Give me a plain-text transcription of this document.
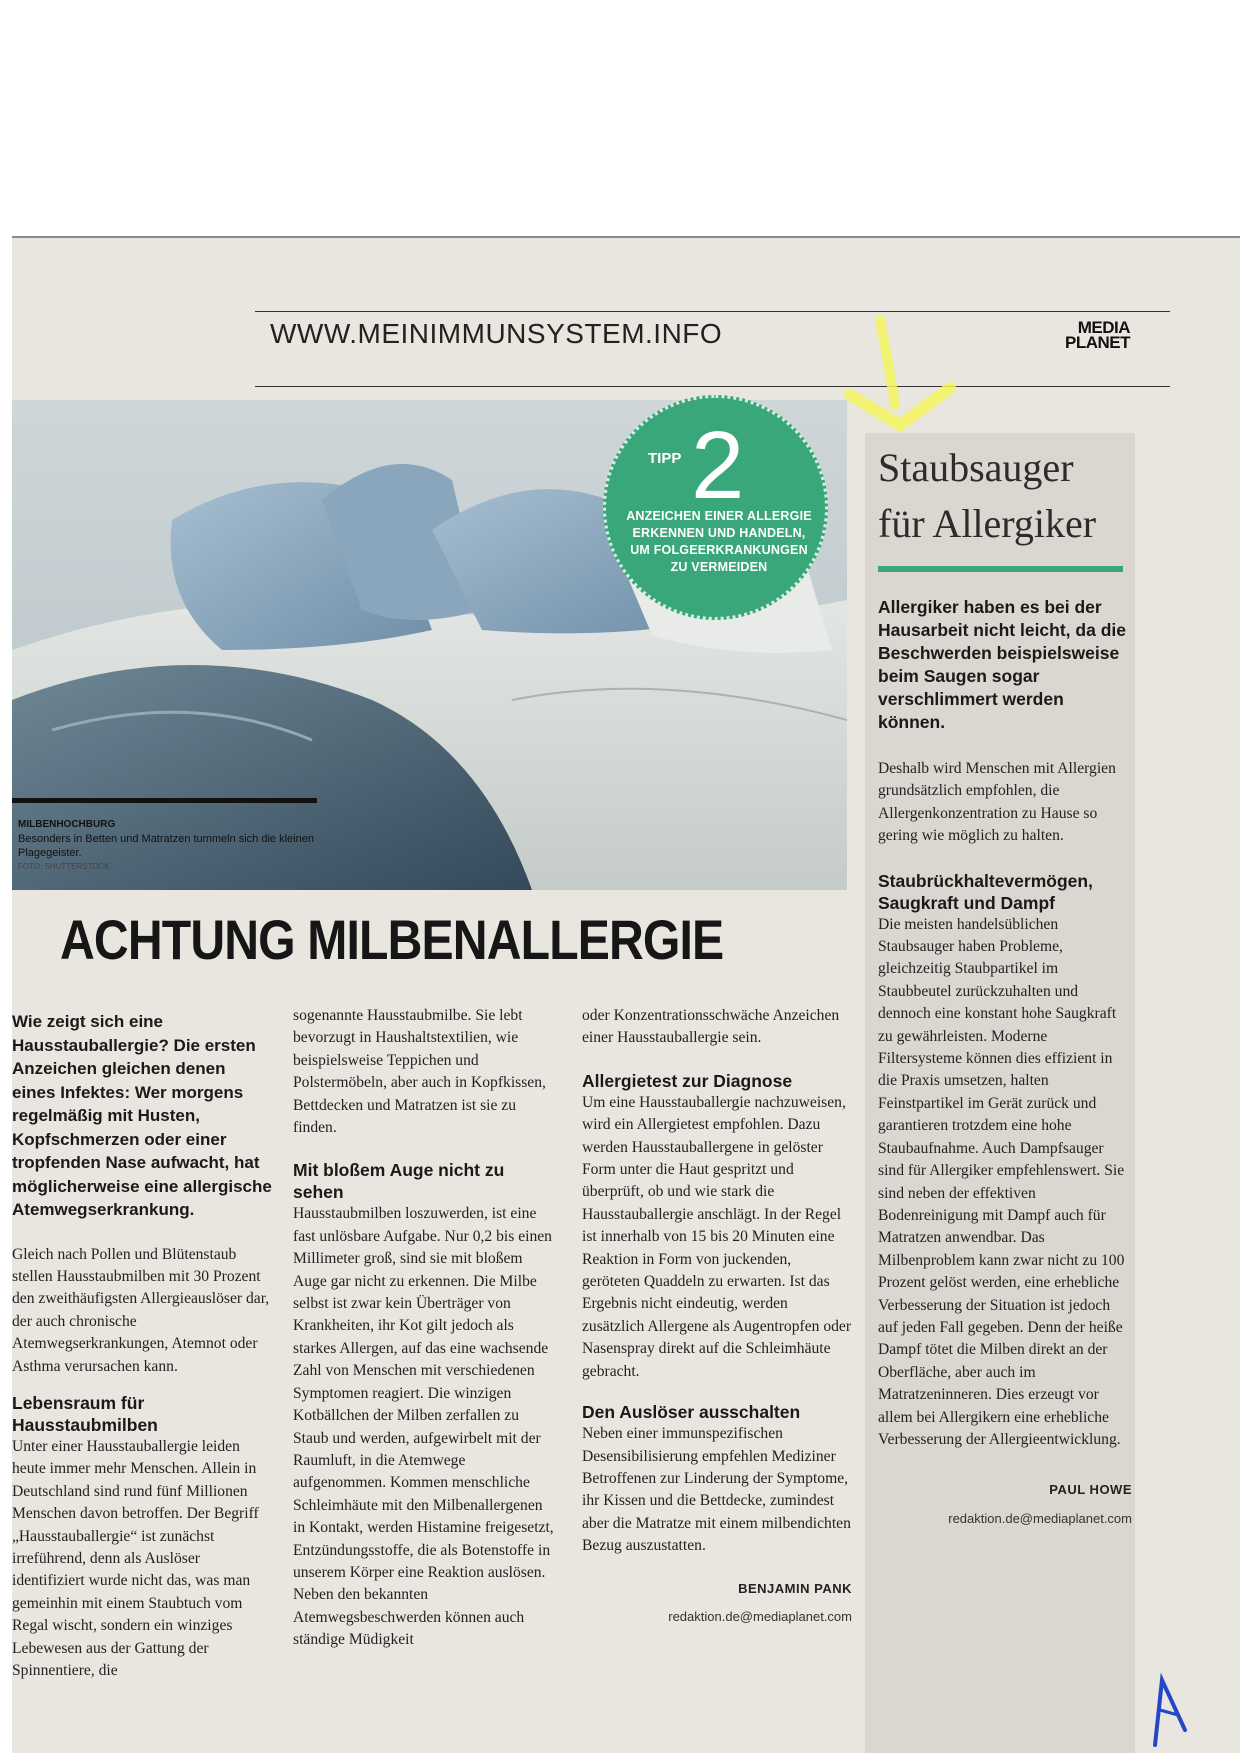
WWW.MEINIMMUNSYSTEM.INFO	MEDIA
PLANET
TIPP 2
ANZEICHEN EINER ALLERGIE ERKENNEN UND HANDELN, UM FOLGEERKRANKUNGEN ZU VERMEIDEN
MILBENHOCHBURG
Besonders in Betten und Matratzen tummeln sich die kleinen Plagegeister.
FOTO: SHUTTERSTOCK
ACHTUNG MILBENALLERGIE

Wie zeigt sich eine Hausstauballergie? Die ersten Anzeichen gleichen denen eines Infektes: Wer morgens regelmäßig mit Husten, Kopfschmerzen oder einer tropfenden Nase aufwacht, hat möglicherweise eine allergische Atemwegserkrankung.

Gleich nach Pollen und Blütenstaub stellen Hausstaubmilben mit 30 Prozent den zweithäufigsten Allergieauslöser dar, der auch chronische Atemwegserkrankungen, Atemnot oder Asthma verursachen kann.

Lebensraum für Hausstaubmilben

Unter einer Hausstauballergie leiden heute immer mehr Menschen. Allein in Deutschland sind rund fünf Millionen Menschen davon betroffen. Der Begriff „Hausstauballergie“ ist zunächst irreführend, denn als Auslöser identifiziert wurde nicht das, was man gemeinhin mit einem Staubtuch vom Regal wischt, sondern ein winziges Lebewesen aus der Gattung der Spinnentiere, die

sogenannte Hausstaubmilbe. Sie lebt bevorzugt in Haushaltstextilien, wie beispielsweise Teppichen und Polstermöbeln, aber auch in Kopfkissen, Bettdecken und Matratzen ist sie zu finden.

Mit bloßem Auge nicht zu sehen

Hausstaubmilben loszuwerden, ist eine fast unlösbare Aufgabe. Nur 0,2 bis einen Millimeter groß, sind sie mit bloßem Auge gar nicht zu erkennen. Die Milbe selbst ist zwar kein Überträger von Krankheiten, ihr Kot gilt jedoch als starkes Allergen, auf das eine wachsende Zahl von Menschen mit verschiedenen Symptomen reagiert. Die winzigen Kotbällchen der Milben zerfallen zu Staub und werden, aufgewirbelt mit der Raumluft, in die Atemwege aufgenommen. Kommen menschliche Schleimhäute mit den Milbenallergenen in Kontakt, werden Histamine freigesetzt, Entzündungsstoffe, die als Botenstoffe in unserem Körper eine Reaktion auslösen. Neben den bekannten Atemwegsbeschwerden können auch ständige Müdigkeit

oder Konzentrationsschwäche Anzeichen einer Hausstauballergie sein.

Allergietest zur Diagnose

Um eine Hausstauballergie nachzuweisen, wird ein Allergietest empfohlen. Dazu werden Hausstauballergene in gelöster Form unter die Haut gespritzt und überprüft, ob und wie stark die Hausstauballergie anschlägt. In der Regel ist innerhalb von 15 bis 20 Minuten eine Reaktion in Form von juckenden, geröteten Quaddeln zu erwarten. Ist das Ergebnis nicht eindeutig, werden zusätzlich Allergene als Augentropfen oder Nasenspray direkt auf die Schleimhäute gebracht.

Den Auslöser ausschalten

Neben einer immunspezifischen Desensibilisierung empfehlen Mediziner Betroffenen zur Linderung der Symptome, ihr Kissen und die Bettdecke, zumindest aber die Matratze mit einem milbendichten Bezug auszustatten.

BENJAMIN PANK

redaktion.de@mediaplanet.com

Staubsauger für Allergiker

Allergiker haben es bei der Hausarbeit nicht leicht, da die Beschwerden beispielsweise beim Saugen sogar verschlimmert werden können.

Deshalb wird Menschen mit Allergien grundsätzlich empfohlen, die Allergenkonzentration zu Hause so gering wie möglich zu halten.

Staubrückhaltevermögen, Saugkraft und Dampf

Die meisten handelsüblichen Staubsauger haben Probleme, gleichzeitig Staubpartikel im Staubbeutel zurückzuhalten und dennoch eine konstant hohe Saugkraft zu gewährleisten. Moderne Filtersysteme können dies effizient in die Praxis umsetzen, halten Feinstpartikel im Gerät zurück und garantieren trotzdem eine hohe Staubaufnahme. Auch Dampfsauger sind für Allergiker empfehlenswert. Sie sind neben der effektiven Bodenreinigung mit Dampf auch für Matratzen anwendbar. Das Milbenproblem kann zwar nicht zu 100 Prozent gelöst werden, eine erhebliche Verbesserung der Situation ist jedoch auf jeden Fall gegeben. Denn der heiße Dampf tötet die Milben direkt an der Oberfläche, aber auch im Matratzeninneren. Dies erzeugt vor allem bei Allergikern eine erhebliche Verbesserung der Allergieentwicklung.

PAUL HOWE

redaktion.de@mediaplanet.com
